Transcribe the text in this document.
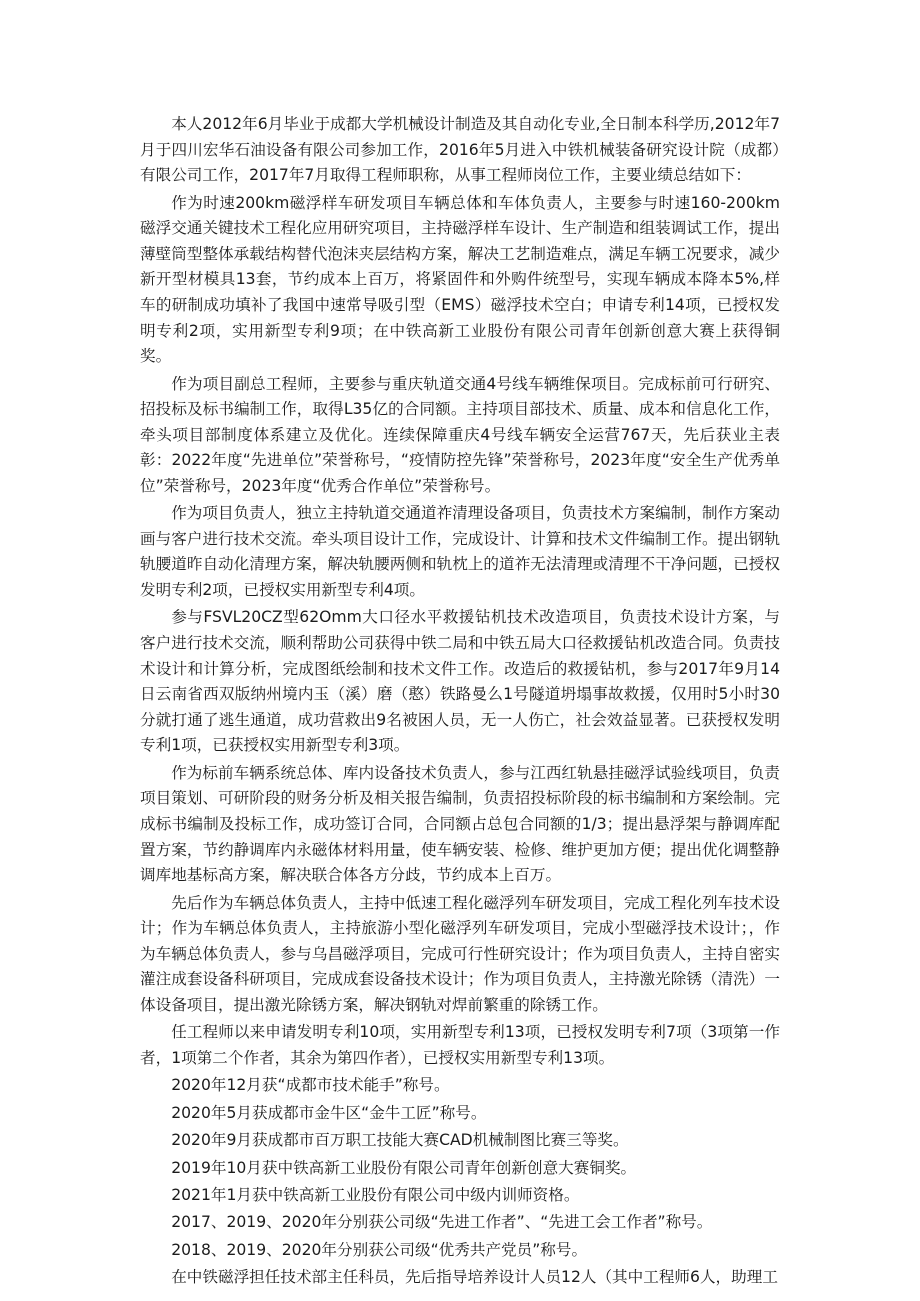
本人2012年6月毕业于成都大学机械设计制造及其自动化专业,全日制本科学历,2012年7月于四川宏华石油设备有限公司参加工作，2016年5月进入中铁机械装备研究设计院（成都）有限公司工作，2017年7月取得工程师职称，从事工程师岗位工作，主要业绩总结如下：

作为时速200km磁浮样车研发项目车辆总体和车体负责人，主要参与时速160-200km磁浮交通关键技术工程化应用研究项目，主持磁浮样车设计、生产制造和组装调试工作，提出薄壁筒型整体承载结构替代泡沫夹层结构方案，解决工艺制造难点，满足车辆工况要求，减少新开型材模具13套，节约成本上百万，将紧固件和外购件统型号，实现车辆成本降本5%,样车的研制成功填补了我国中速常导吸引型（EMS）磁浮技术空白；申请专利14项，已授权发明专利2项，实用新型专利9项；在中铁高新工业股份有限公司青年创新创意大赛上获得铜奖。

作为项目副总工程师，主要参与重庆轨道交通4号线车辆维保项目。完成标前可行研究、招投标及标书编制工作，取得L35亿的合同额。主持项目部技术、质量、成本和信息化工作，牵头项目部制度体系建立及优化。连续保障重庆4号线车辆安全运营767天，先后获业主表彰：2022年度“先进单位”荣誉称号，“疫情防控先锋”荣誉称号，2023年度“安全生产优秀单位”荣誉称号，2023年度“优秀合作单位”荣誉称号。

作为项目负责人，独立主持轨道交通道祚清理设备项目，负责技术方案编制，制作方案动画与客户进行技术交流。牵头项目设计工作，完成设计、计算和技术文件编制工作。提出钢轨轨腰道昨自动化清理方案，解决轨腰两侧和轨枕上的道祚无法清理或清理不干净问题，已授权发明专利2项，已授权实用新型专利4项。

参与FSVL20CZ型62Omm大口径水平救援钻机技术改造项目，负责技术设计方案，与客户进行技术交流，顺利帮助公司获得中铁二局和中铁五局大口径救援钻机改造合同。负责技术设计和计算分析，完成图纸绘制和技术文件工作。改造后的救援钻机，参与2017年9月14日云南省西双版纳州境内玉（溪）磨（憨）铁路曼么1号隧道坍塌事故救援，仅用时5小时30分就打通了逃生通道，成功营救出9名被困人员，无一人伤亡，社会效益显著。已获授权发明专利1项，已获授权实用新型专利3项。

作为标前车辆系统总体、库内设备技术负责人，参与江西红轨悬挂磁浮试验线项目，负责项目策划、可研阶段的财务分析及相关报告编制，负责招投标阶段的标书编制和方案绘制。完成标书编制及投标工作，成功签订合同，合同额占总包合同额的1/3；提出悬浮架与静调库配置方案，节约静调库内永磁体材料用量，使车辆安装、检修、维护更加方便；提出优化调整静调库地基标高方案，解决联合体各方分歧，节约成本上百万。

先后作为车辆总体负责人，主持中低速工程化磁浮列车研发项目，完成工程化列车技术设计；作为车辆总体负责人，主持旅游小型化磁浮列车研发项目，完成小型磁浮技术设计；，作为车辆总体负责人，参与乌昌磁浮项目，完成可行性研究设计；作为项目负责人，主持自密实灌注成套设备科研项目，完成成套设备技术设计；作为项目负责人，主持激光除锈（清洗）一体设备项目，提出激光除锈方案，解决钢轨对焊前繁重的除锈工作。

任工程师以来申请发明专利10项，实用新型专利13项，已授权发明专利7项（3项第一作者，1项第二个作者，其余为第四作者），已授权实用新型专利13项。

2020年12月获“成都市技术能手”称号。

2020年5月获成都市金牛区“金牛工匠”称号。

2020年9月获成都市百万职工技能大赛CAD机械制图比赛三等奖。

2019年10月获中铁高新工业股份有限公司青年创新创意大赛铜奖。

2021年1月获中铁高新工业股份有限公司中级内训师资格。

2017、2019、2020年分别获公司级“先进工作者”、“先进工会工作者”称号。

2018、2019、2020年分别获公司级“优秀共产党员”称号。

在中铁磁浮担任技术部主任科员，先后指导培养设计人员12人（其中工程师6人，助理工
